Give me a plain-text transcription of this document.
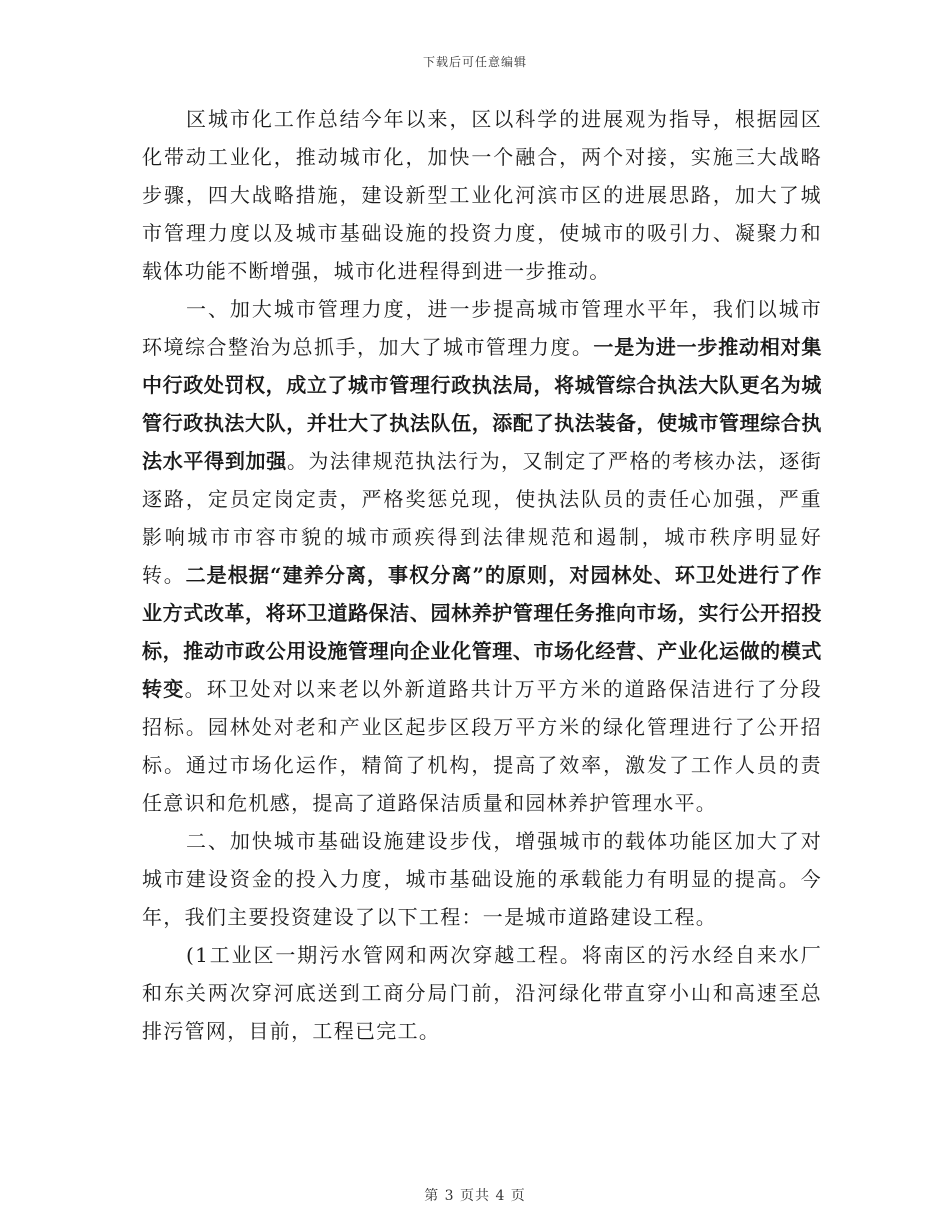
下载后可任意编辑

区城市化工作总结今年以来，区以科学的进展观为指导，根据园区化带动工业化，推动城市化，加快一个融合，两个对接，实施三大战略步骤，四大战略措施，建设新型工业化河滨市区的进展思路，加大了城市管理力度以及城市基础设施的投资力度，使城市的吸引力、凝聚力和载体功能不断增强，城市化进程得到进一步推动。

一、加大城市管理力度，进一步提高城市管理水平年，我们以城市环境综合整治为总抓手，加大了城市管理力度。一是为进一步推动相对集中行政处罚权，成立了城市管理行政执法局，将城管综合执法大队更名为城管行政执法大队，并壮大了执法队伍，添配了执法装备，使城市管理综合执法水平得到加强。为法律规范执法行为，又制定了严格的考核办法，逐街逐路，定员定岗定责，严格奖惩兑现，使执法队员的责任心加强，严重影响城市市容市貌的城市顽疾得到法律规范和遏制，城市秩序明显好转。二是根据“建养分离，事权分离”的原则，对园林处、环卫处进行了作业方式改革，将环卫道路保洁、园林养护管理任务推向市场，实行公开招投标，推动市政公用设施管理向企业化管理、市场化经营、产业化运做的模式转变。环卫处对以来老以外新道路共计万平方米的道路保洁进行了分段招标。园林处对老和产业区起步区段万平方米的绿化管理进行了公开招标。通过市场化运作，精简了机构，提高了效率，激发了工作人员的责任意识和危机感，提高了道路保洁质量和园林养护管理水平。

二、加快城市基础设施建设步伐，增强城市的载体功能区加大了对城市建设资金的投入力度，城市基础设施的承载能力有明显的提高。今年，我们主要投资建设了以下工程：一是城市道路建设工程。

(1工业区一期污水管网和两次穿越工程。将南区的污水经自来水厂和东关两次穿河底送到工商分局门前，沿河绿化带直穿小山和高速至总排污管网，目前，工程已完工。

第 3 页共 4 页
